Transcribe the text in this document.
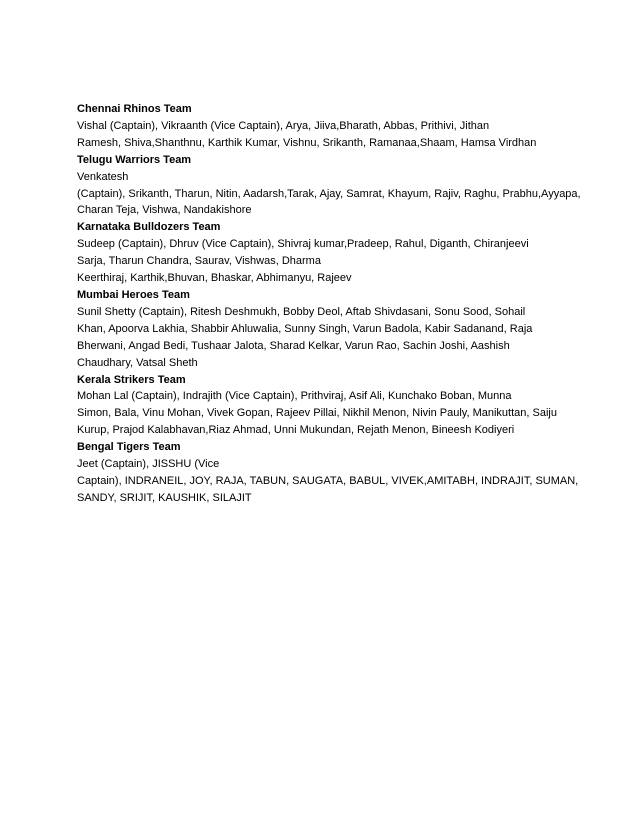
Chennai Rhinos Team
Vishal (Captain), Vikraanth (Vice Captain), Arya, Jiiva,Bharath, Abbas, Prithivi, Jithan
Ramesh, Shiva,Shanthnu, Karthik Kumar, Vishnu, Srikanth, Ramanaa,Shaam, Hamsa Virdhan
Telugu Warriors Team
Venkatesh
(Captain), Srikanth, Tharun, Nitin, Aadarsh,Tarak, Ajay, Samrat, Khayum, Rajiv, Raghu, Prabhu,Ayyapa,
Charan Teja, Vishwa, Nandakishore
Karnataka Bulldozers Team
Sudeep (Captain), Dhruv (Vice Captain), Shivraj kumar,Pradeep, Rahul, Diganth, Chiranjeevi
Sarja, Tharun Chandra, Saurav, Vishwas, Dharma
Keerthiraj, Karthik,Bhuvan, Bhaskar, Abhimanyu, Rajeev
Mumbai Heroes Team
Sunil Shetty (Captain), Ritesh Deshmukh, Bobby Deol, Aftab Shivdasani, Sonu Sood, Sohail
Khan, Apoorva Lakhia, Shabbir Ahluwalia, Sunny Singh, Varun Badola, Kabir Sadanand, Raja
Bherwani, Angad Bedi, Tushaar Jalota, Sharad Kelkar, Varun Rao, Sachin Joshi, Aashish
Chaudhary, Vatsal Sheth
Kerala Strikers Team
Mohan Lal (Captain), Indrajith (Vice Captain), Prithviraj, Asif Ali, Kunchako Boban, Munna
Simon, Bala, Vinu Mohan, Vivek Gopan, Rajeev Pillai, Nikhil Menon, Nivin Pauly, Manikuttan, Saiju
Kurup, Prajod Kalabhavan,Riaz Ahmad, Unni Mukundan, Rejath Menon, Bineesh Kodiyeri
Bengal Tigers Team
Jeet (Captain), JISSHU (Vice
Captain), INDRANEIL, JOY, RAJA, TABUN, SAUGATA, BABUL, VIVEK,AMITABH, INDRAJIT, SUMAN,
SANDY, SRIJIT, KAUSHIK, SILAJIT
